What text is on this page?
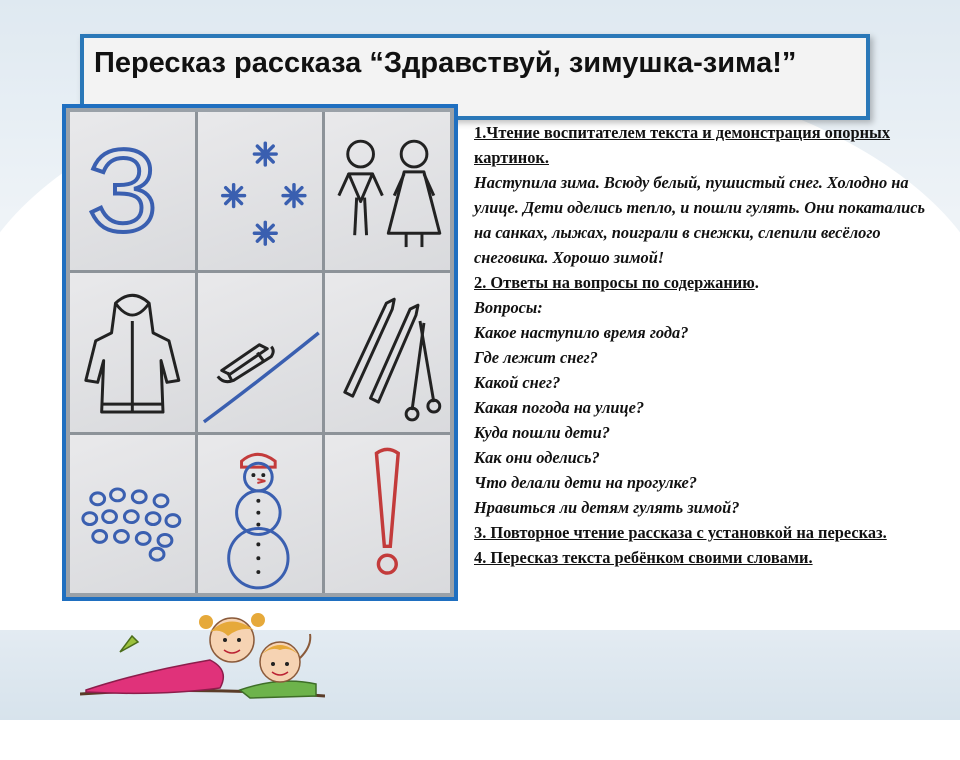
Пересказ рассказа “Здравствуй, зимушка-зима!”
З	1.Чтение воспитателем текста и демонстрация опорных картинок.

Наступила зима. Всюду белый, пушистый снег. Холодно на улице. Дети оделись тепло, и пошли гулять. Они покатались на санках, лыжах, поиграли в снежки, слепили весёлого снеговика. Хорошо зимой!

2. Ответы на вопросы по содержанию.

Вопросы:

Какое наступило время года?

Где лежит снег?

Какой снег?

Какая погода на улице?

Куда пошли дети?

Как они оделись?

Что делали дети на прогулке?

Нравиться ли детям гулять зимой?

3. Повторное чтение рассказа с установкой на пересказ.

4. Пересказ текста ребёнком своими словами.
